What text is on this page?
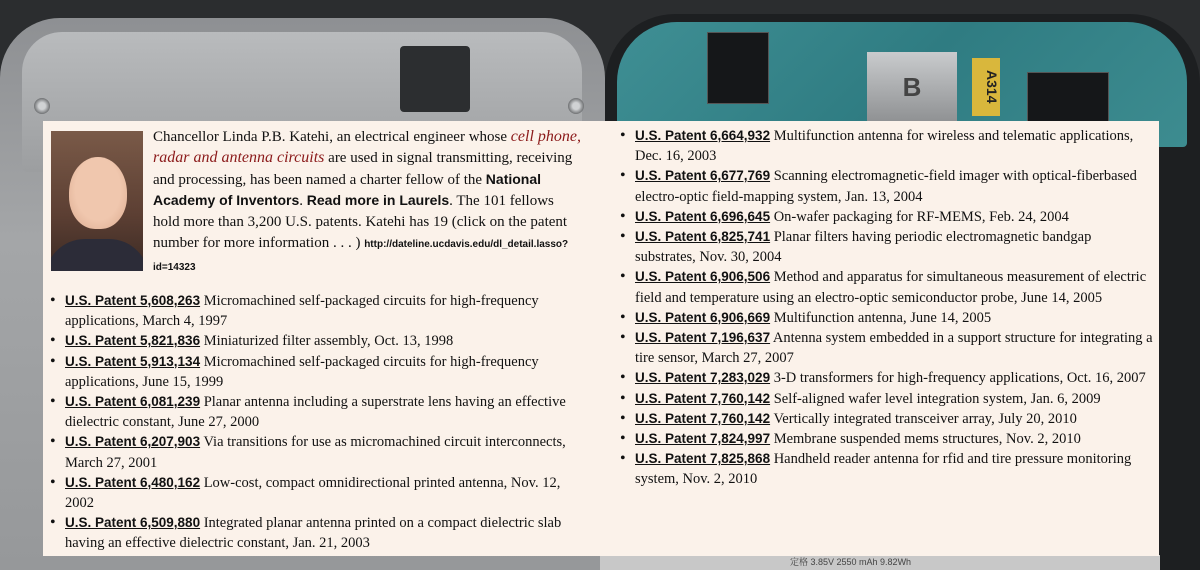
B	A314
定格 3.85V 2550 mAh 9.82Wh
Chancellor Linda P.B. Katehi, an electrical engineer whose cell phone, radar and antenna circuits are used in signal transmitting, receiving and processing, has been named a charter fellow of the National Academy of Inventors. Read more in Laurels. The 101 fellows hold more than 3,200 U.S. patents. Katehi has 19 (click on the patent number for more information . . . ) http://dateline.ucdavis.edu/dl_detail.lasso?id=14323
• U.S. Patent 5,608,263 Micromachined self-packaged circuits for high-frequency applications, March 4, 1997
• U.S. Patent 5,821,836 Miniaturized filter assembly, Oct. 13, 1998
• U.S. Patent 5,913,134 Micromachined self-packaged circuits for high-frequency applications, June 15, 1999
• U.S. Patent 6,081,239 Planar antenna including a superstrate lens having an effective dielectric constant, June 27, 2000
• U.S. Patent 6,207,903 Via transitions for use as micromachined circuit interconnects, March 27, 2001
• U.S. Patent 6,480,162 Low-cost, compact omnidirectional printed antenna, Nov. 12, 2002
• U.S. Patent 6,509,880 Integrated planar antenna printed on a compact dielectric slab having an effective dielectric constant, Jan. 21, 2003
• U.S. Patent 6,664,932 Multifunction antenna for wireless and telematic applications, Dec. 16, 2003
• U.S. Patent 6,677,769 Scanning electromagnetic-field imager with optical-fiberbased electro-optic field-mapping system, Jan. 13, 2004
• U.S. Patent 6,696,645 On-wafer packaging for RF-MEMS, Feb. 24, 2004
• U.S. Patent 6,825,741 Planar filters having periodic electromagnetic bandgap substrates, Nov. 30, 2004
• U.S. Patent 6,906,506 Method and apparatus for simultaneous measurement of electric field and temperature using an electro-optic semiconductor probe, June 14, 2005
• U.S. Patent 6,906,669 Multifunction antenna, June 14, 2005
• U.S. Patent 7,196,637 Antenna system embedded in a support structure for integrating a tire sensor, March 27, 2007
• U.S. Patent 7,283,029 3-D transformers for high-frequency applications, Oct. 16, 2007
• U.S. Patent 7,760,142 Self-aligned wafer level integration system, Jan. 6, 2009
• U.S. Patent 7,760,142 Vertically integrated transceiver array, July 20, 2010
• U.S. Patent 7,824,997 Membrane suspended mems structures, Nov. 2, 2010
• U.S. Patent 7,825,868 Handheld reader antenna for rfid and tire pressure monitoring system, Nov. 2, 2010
